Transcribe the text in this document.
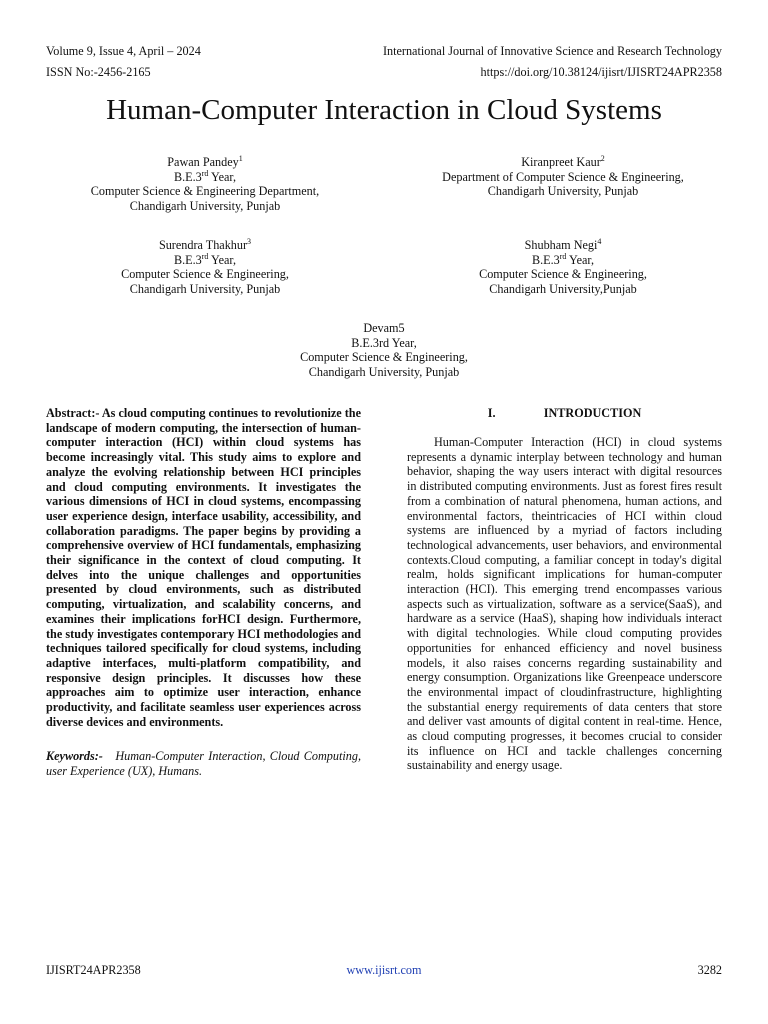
Volume 9, Issue 4, April – 2024	International Journal of Innovative Science and Research Technology
ISSN No:-2456-2165	https://doi.org/10.38124/ijisrt/IJISRT24APR2358
Human-Computer Interaction in Cloud Systems
Pawan Pandey$^1$
B.E.3rd Year,
Computer Science & Engineering Department,
Chandigarh University, Punjab
Kiranpreet Kaur$^2$
Department of Computer Science & Engineering,
Chandigarh University, Punjab
Surendra Thakhur$^3$
B.E.3rd Year,
Computer Science & Engineering,
Chandigarh University, Punjab
Shubham Negi$^4$
B.E.3rd Year,
Computer Science & Engineering,
Chandigarh University,Punjab
Devam5
B.E.3rd Year,
Computer Science & Engineering,
Chandigarh University, Punjab

Abstract:- As cloud computing continues to revolutionize the landscape of modern computing, the intersection of human-computer interaction (HCI) within cloud systems has become increasingly vital. This study aims to explore and analyze the evolving relationship between HCI principles and cloud computing environments. It investigates the various dimensions of HCI in cloud systems, encompassing user experience design, interface usability, accessibility, and collaboration paradigms. The paper begins by providing a comprehensive overview of HCI fundamentals, emphasizing their significance in the context of cloud computing. It delves into the unique challenges and opportunities presented by cloud environments, such as distributed computing, virtualization, and scalability concerns, and examines their implications forHCI design. Furthermore, the study investigates contemporary HCI methodologies and techniques tailored specifically for cloud systems, including adaptive interfaces, multi-platform compatibility, and responsive design principles. It discusses how these approaches aim to optimize user interaction, enhance productivity, and facilitate seamless user experiences across diverse devices and environments.

Keywords:- Human-Computer Interaction, Cloud Computing, user Experience (UX), Humans.

I.	INTRODUCTION

Human-Computer Interaction (HCI) in cloud systems represents a dynamic interplay between technology and human behavior, shaping the way users interact with digital resources in distributed computing environments. Just as forest fires result from a combination of natural phenomena, human actions, and environmental factors, theintricacies of HCI within cloud systems are influenced by a myriad of factors including technological advancements, user behaviors, and environmental contexts.Cloud computing, a familiar concept in today's digital realm, holds significant implications for human-computer interaction (HCI). This emerging trend encompasses various aspects such as virtualization, software as a service(SaaS), and hardware as a service (HaaS), shaping how individuals interact with digital technologies. While cloud computing provides opportunities for enhanced efficiency and novel business models, it also raises concerns regarding sustainability and energy consumption. Organizations like Greenpeace underscore the environmental impact of cloudinfrastructure, highlighting the substantial energy requirements of data centers that store and deliver vast amounts of digital content in real-time. Hence, as cloud computing progresses, it becomes crucial to consider its influence on HCI and tackle challenges concerning sustainability and energy usage.

IJISRT24APR2358	www.ijisrt.com	3282
